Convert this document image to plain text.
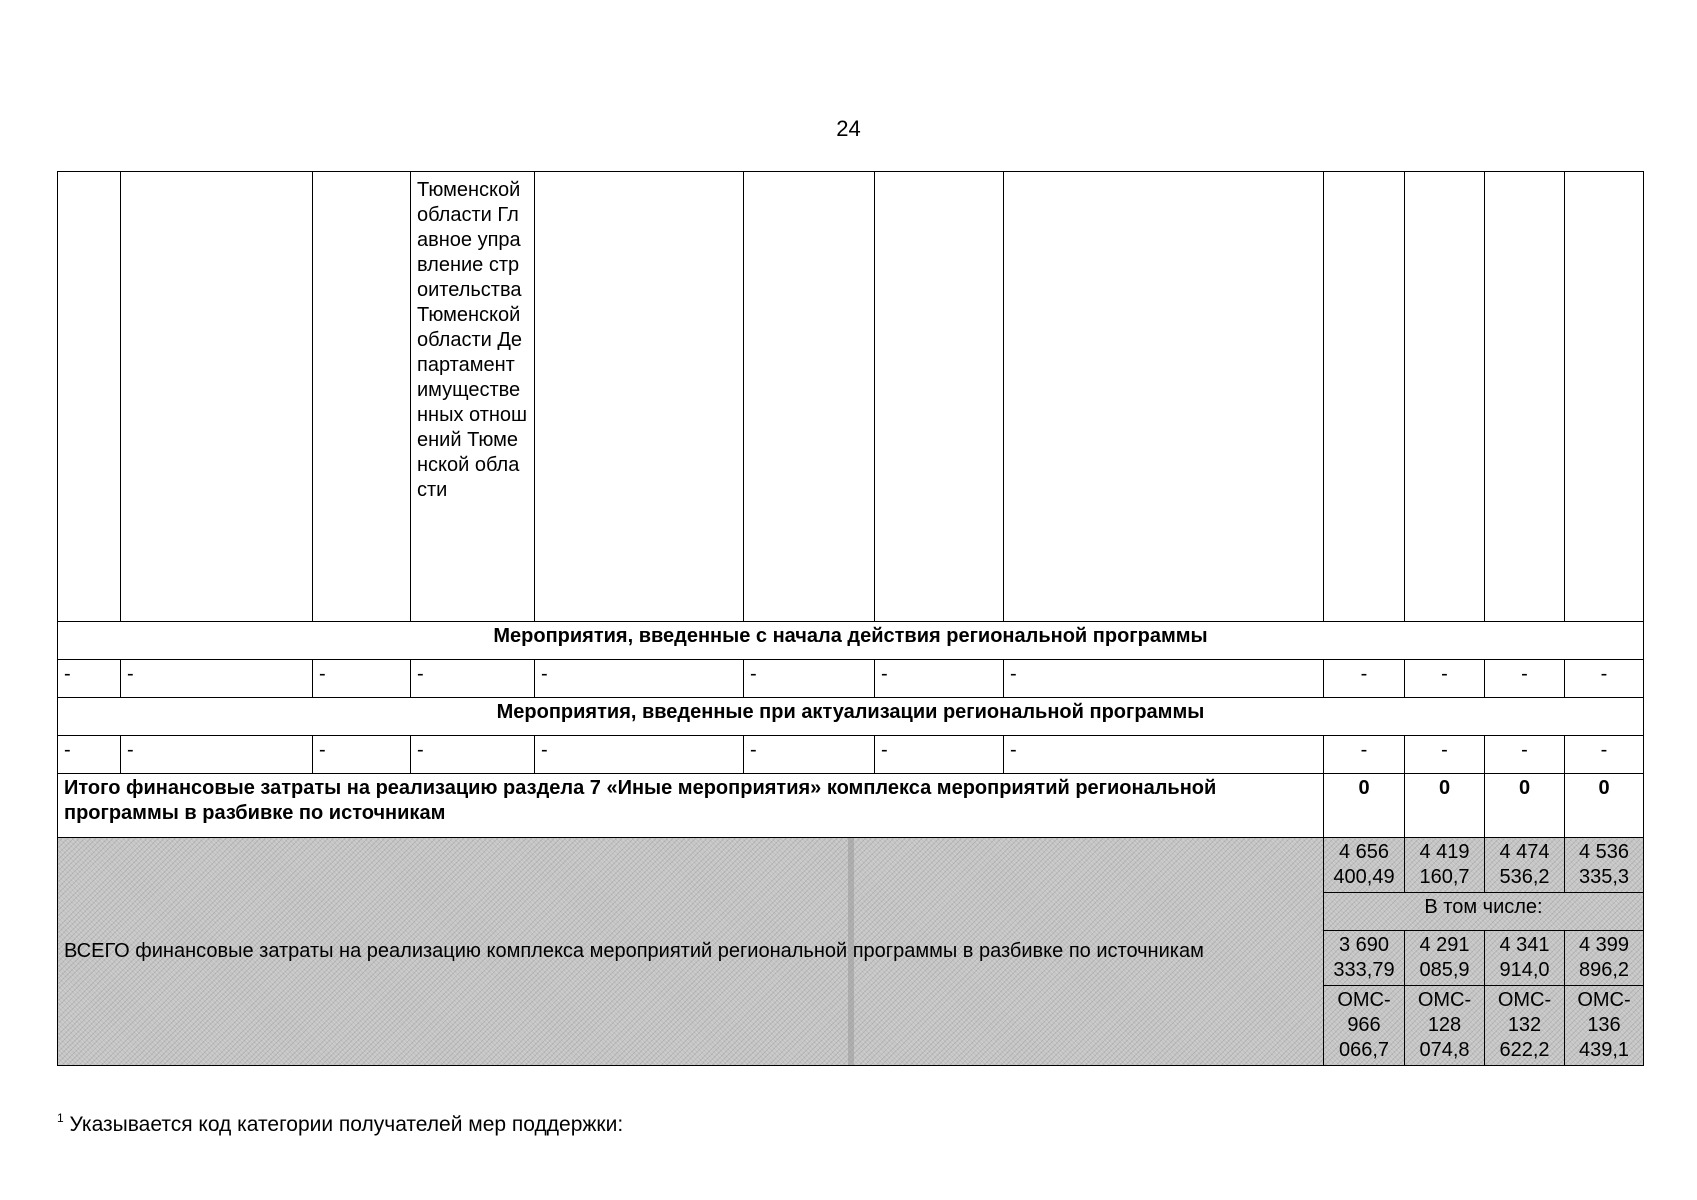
24
			Тюменской области Главное управление строительства Тюменской области Департамент имущественных отношений Тюменской области								
Мероприятия, введенные с начала действия региональной программы											
-	-	-	-	-	-	-	-	-	-	-	-
Мероприятия, введенные при актуализации региональной программы											
-	-	-	-	-	-	-	-	-	-	-	-
Итого финансовые затраты на реализацию раздела 7 «Иные мероприятия» комплекса мероприятий региональной программы в разбивке по источникам								0	0	0	0

ВСЕГО финансовые затраты на реализацию комплекса мероприятий региональной программы в разбивке по источникам								4 656 400,49	4 419 160,7	4 474 536,2	4 536 335,3
								В том числе:			
								3 690 333,79	4 291 085,9	4 341 914,0	4 399 896,2
								ОМС- 966 066,7	ОМС- 128 074,8	ОМС- 132 622,2	ОМС- 136 439,1
$^1$ Указывается код категории получателей мер поддержки:
